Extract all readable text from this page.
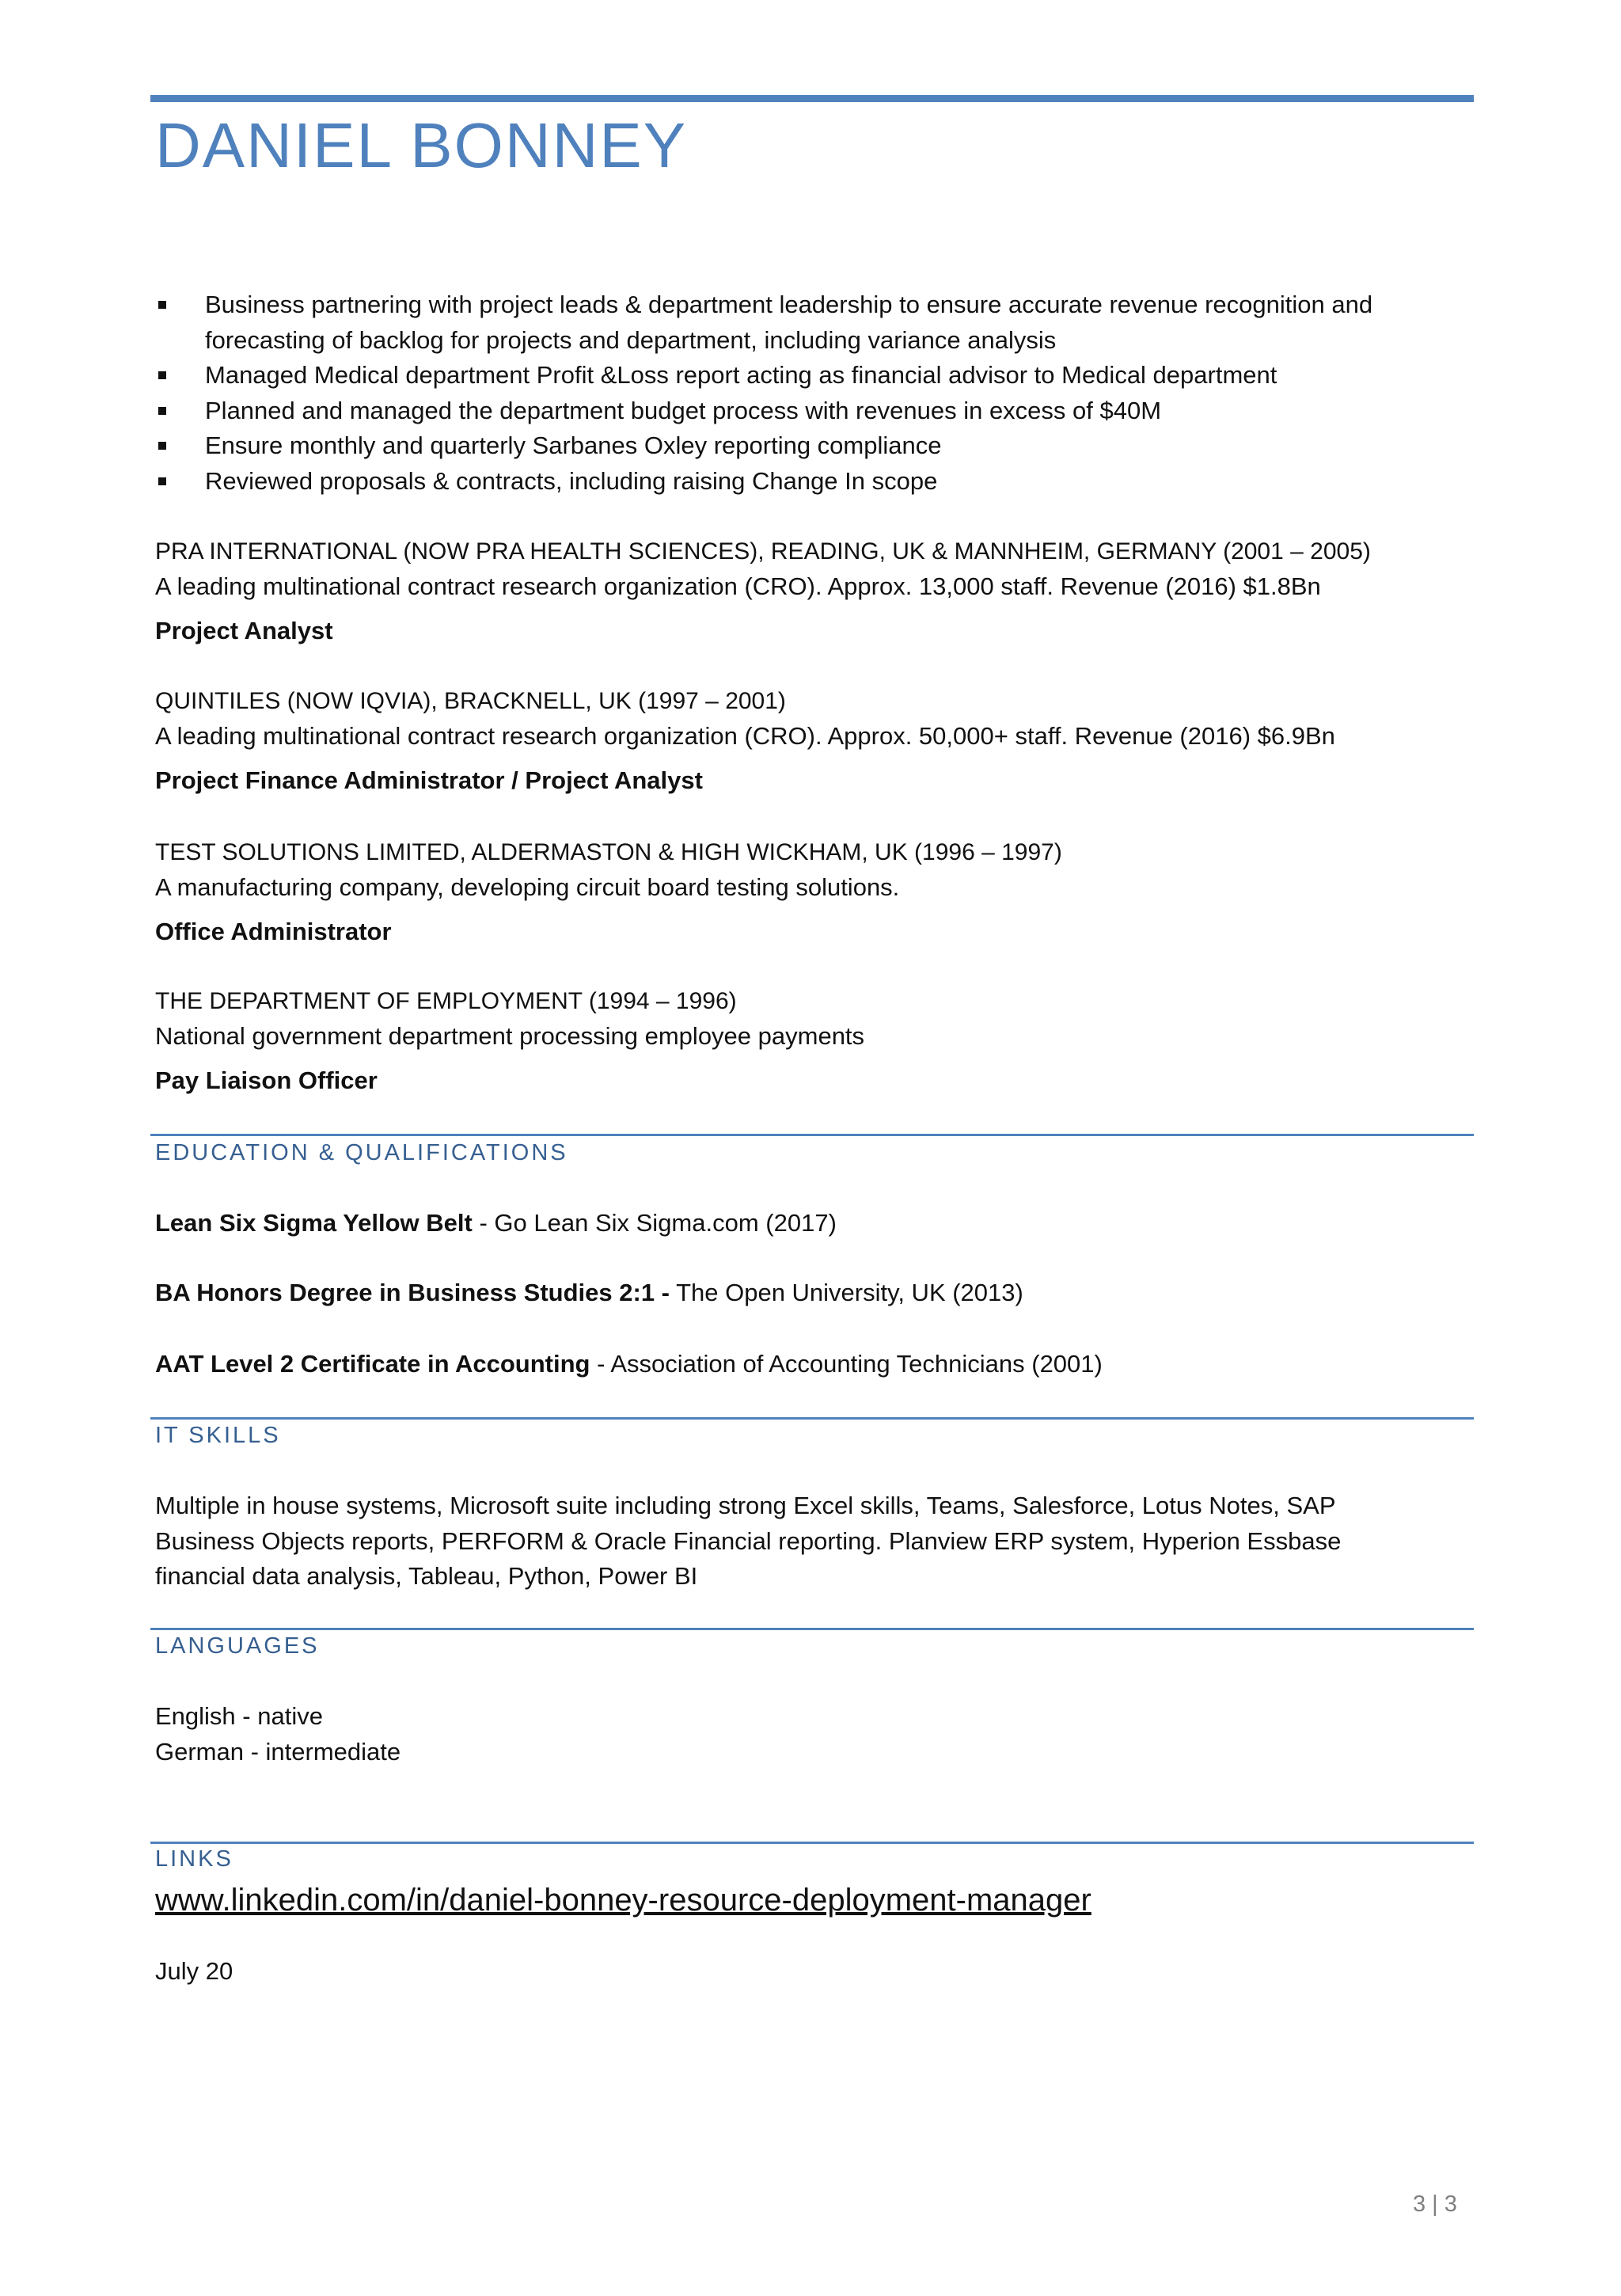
DANIEL BONNEY
Business partnering with project leads & department leadership to ensure accurate revenue recognition and forecasting of backlog for projects and department, including variance analysis
Managed Medical department Profit &Loss report acting as financial advisor to Medical department
Planned and managed the department budget process with revenues in excess of $40M
Ensure monthly and quarterly Sarbanes Oxley reporting compliance
Reviewed proposals & contracts, including raising Change In scope
PRA INTERNATIONAL (NOW PRA HEALTH SCIENCES), READING, UK & MANNHEIM, GERMANY (2001 – 2005)
A leading multinational contract research organization (CRO). Approx. 13,000 staff. Revenue (2016) $1.8Bn
Project Analyst
QUINTILES (NOW IQVIA), BRACKNELL, UK (1997 – 2001)
A leading multinational contract research organization (CRO). Approx. 50,000+ staff. Revenue (2016) $6.9Bn
Project Finance Administrator / Project Analyst
TEST SOLUTIONS LIMITED, ALDERMASTON & HIGH WICKHAM, UK (1996 – 1997)
A manufacturing company, developing circuit board testing solutions.
Office Administrator
THE DEPARTMENT OF EMPLOYMENT (1994 – 1996)
National government department processing employee payments
Pay Liaison Officer
EDUCATION & QUALIFICATIONS
Lean Six Sigma Yellow Belt - Go Lean Six Sigma.com (2017)
BA Honors Degree in Business Studies 2:1 - The Open University, UK (2013)
AAT Level 2 Certificate in Accounting - Association of Accounting Technicians (2001)
IT SKILLS
Multiple in house systems, Microsoft suite including strong Excel skills, Teams, Salesforce, Lotus Notes, SAP
Business Objects reports, PERFORM & Oracle Financial reporting. Planview ERP system, Hyperion Essbase
financial data analysis, Tableau, Python, Power BI
LANGUAGES
English - native
German - intermediate
LINKS
www.linkedin.com/in/daniel-bonney-resource-deployment-manager
July 20
3 | 3
